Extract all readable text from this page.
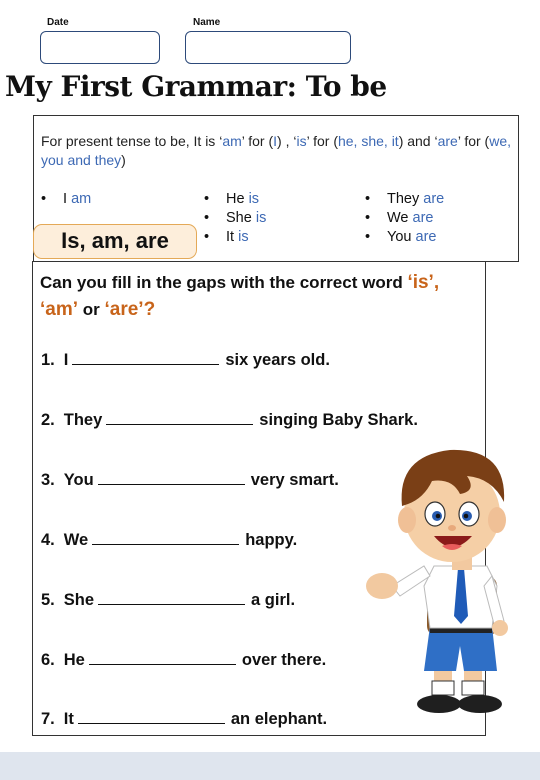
Date	Name
My First Grammar: To be
For present tense to be, It is ‘am’ for (I) , ‘is’ for (he, she, it) and ‘are’ for (we, you and they)
• I am	• He is
• She is
• It is
• They are
• We are
• You are
Is, am, are
Can you fill in the gaps with the correct word ‘is’,
‘am’ or ‘are’?
1. I	six years old.
2. They	singing Baby Shark.
3. You	very smart.
4. We	happy.
5. She	a girl.
6. He	over there.
7. It	an elephant.
